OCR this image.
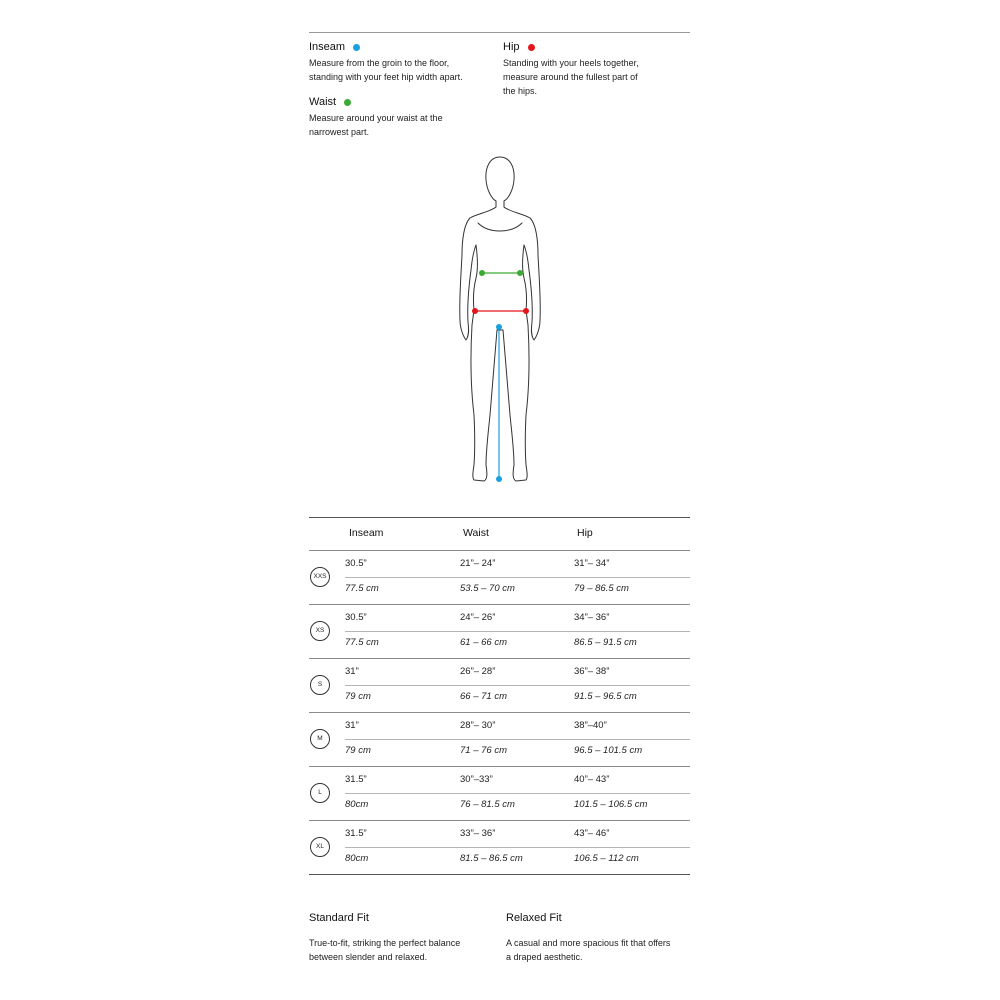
Inseam
Measure from the groin to the floor,
standing with your feet hip width apart.
Hip
Standing with your heels together,
measure around the fullest part of
the hips.
Waist
Measure around your waist at the
narrowest part.
Inseam	Waist	Hip
XXS
30.5”	21”– 24”	31”– 34”
77.5 cm	53.5 – 70 cm	79 – 86.5 cm
XS
30.5”	24”– 26”	34”– 36”
77.5 cm	61 – 66 cm	86.5 – 91.5 cm
S
31”	26”– 28”	36”– 38”
79 cm	66 – 71 cm	91.5 – 96.5 cm
M
31”	28”– 30”	38”–40”
79 cm	71 – 76 cm	96.5 – 101.5 cm
L
31.5”	30”–33”	40”– 43”
80cm	76 – 81.5 cm	101.5 – 106.5 cm
XL
31.5”	33”– 36”	43”– 46”
80cm	81.5 – 86.5 cm	106.5 – 112 cm
Standard Fit
True-to-fit, striking the perfect balance
between slender and relaxed.
Relaxed Fit
A casual and more spacious fit that offers
a draped aesthetic.
